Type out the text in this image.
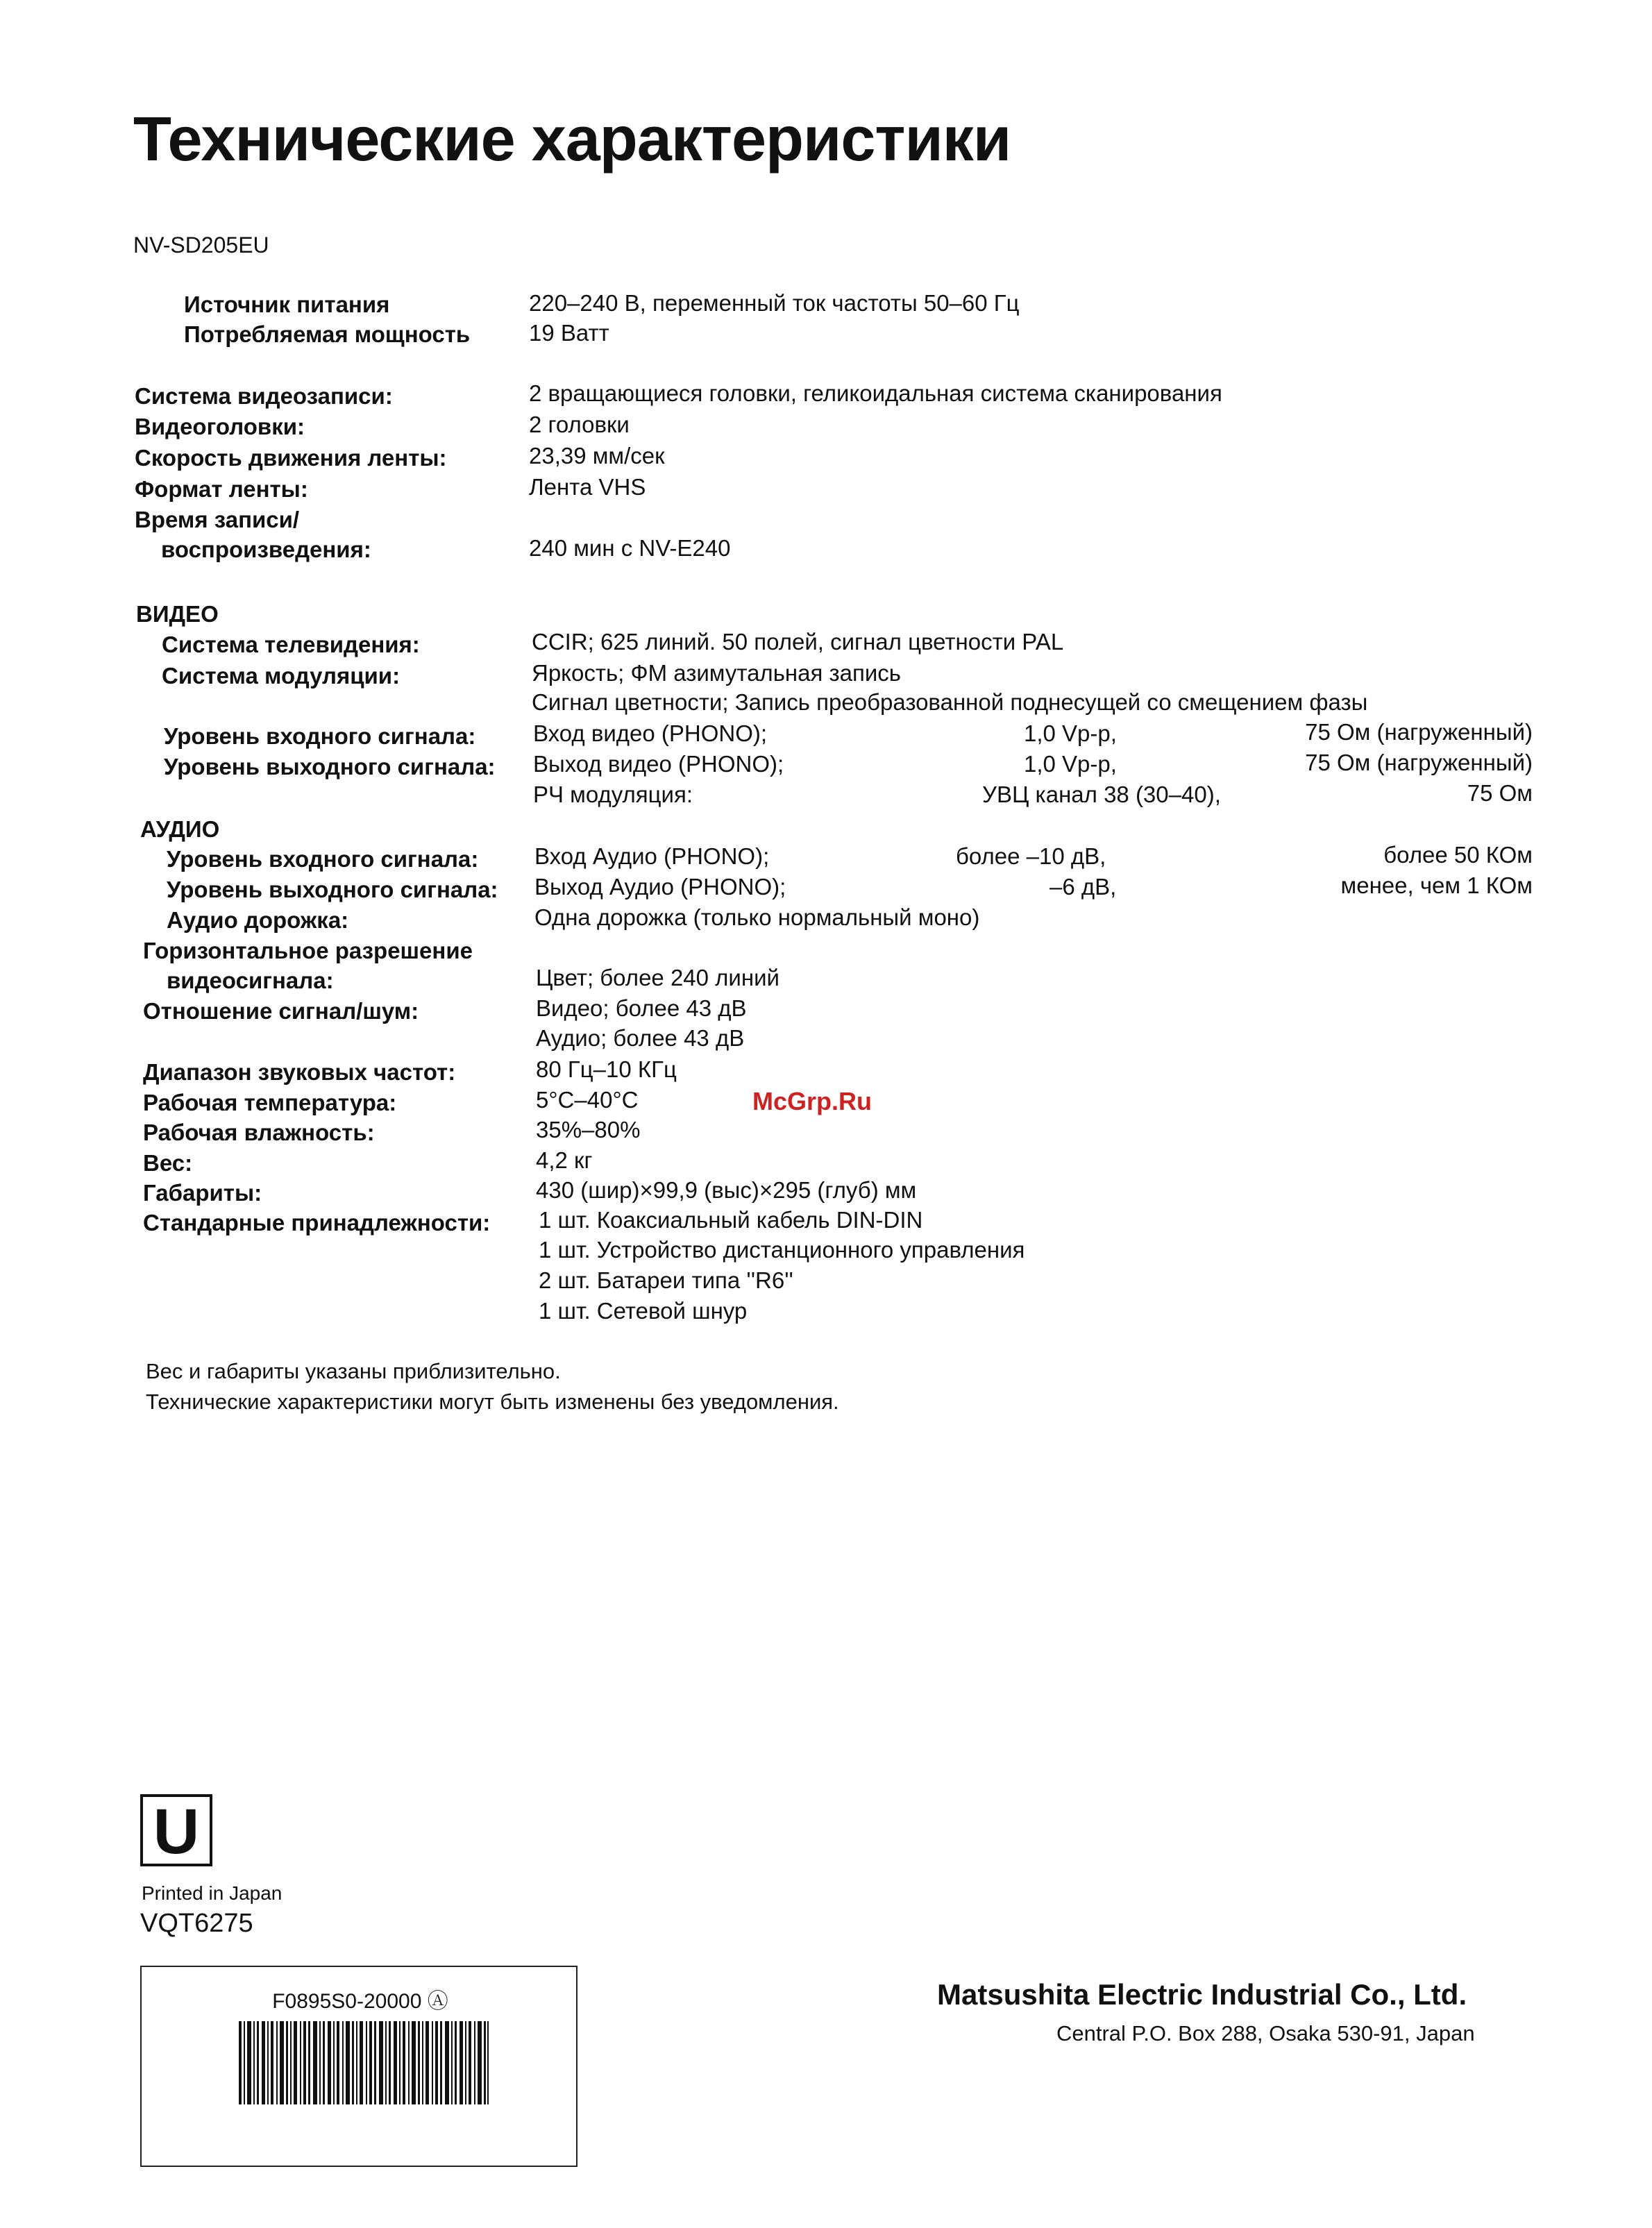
Технические характеристики
NV-SD205EU
Источник питания	220–240 В, переменный ток частоты 50–60 Гц
Потребляемая мощность	19 Ватт
Система видеозаписи:	2 вращающиеся головки, геликоидальная система сканирования
Видеоголовки:	2 головки
Скорость движения ленты:	23,39 мм/сек
Формат ленты:	Лента VHS
Время записи/
воспроизведения:	240 мин с NV-E240
ВИДЕО
Система телевидения:	CCIR; 625 линий. 50 полей, сигнал цветности PAL
Система модуляции:	Яркость; ФМ азимутальная запись
Сигнал цветности; Запись преобразованной поднесущей со смещением фазы
Уровень входного сигнала:	Вход видео (PHONO);	1,0 Vp-p,	75 Ом (нагруженный)
Уровень выходного сигнала: Выход видео (PHONO);	1,0 Vp-p,	75 Ом (нагруженный)
РЧ модуляция:	УВЦ канал 38 (30–40),	75 Ом
АУДИО
Уровень входного сигнала: Вход Аудио (PHONO);	более –10 дВ,	более 50 КОм
Уровень выходного сигнала: Выход Аудио (PHONO);	–6 дВ,	менее, чем 1 КОм
Аудио дорожка:	Одна дорожка (только нормальный моно)
Горизонтальное разрешение
видеосигнала:	Цвет; более 240 линий
Отношение сигнал/шум:	Видео; более 43 дВ
Аудио; более 43 дВ
Диапазон звуковых частот:	80 Гц–10 КГц
Рабочая температура:	5°C–40°C
Рабочая влажность:	35%–80%
Вес:	4,2 кг
Габариты:	430 (шир)×99,9 (выс)×295 (глуб) мм
Стандарные принадлежности: 1 шт. Коаксиальный кабель DIN-DIN
1 шт. Устройство дистанционного управления
2 шт. Батареи типа ''R6''
1 шт. Сетевой шнур
McGrp.Ru
Вес и габариты указаны приблизительно.
Технические характеристики могут быть изменены без уведомления.
U
Printed in Japan
VQT6275
F0895S0-20000 Ⓐ	Matsushita Electric Industrial Co., Ltd.
Central P.O. Box 288, Osaka 530-91, Japan
